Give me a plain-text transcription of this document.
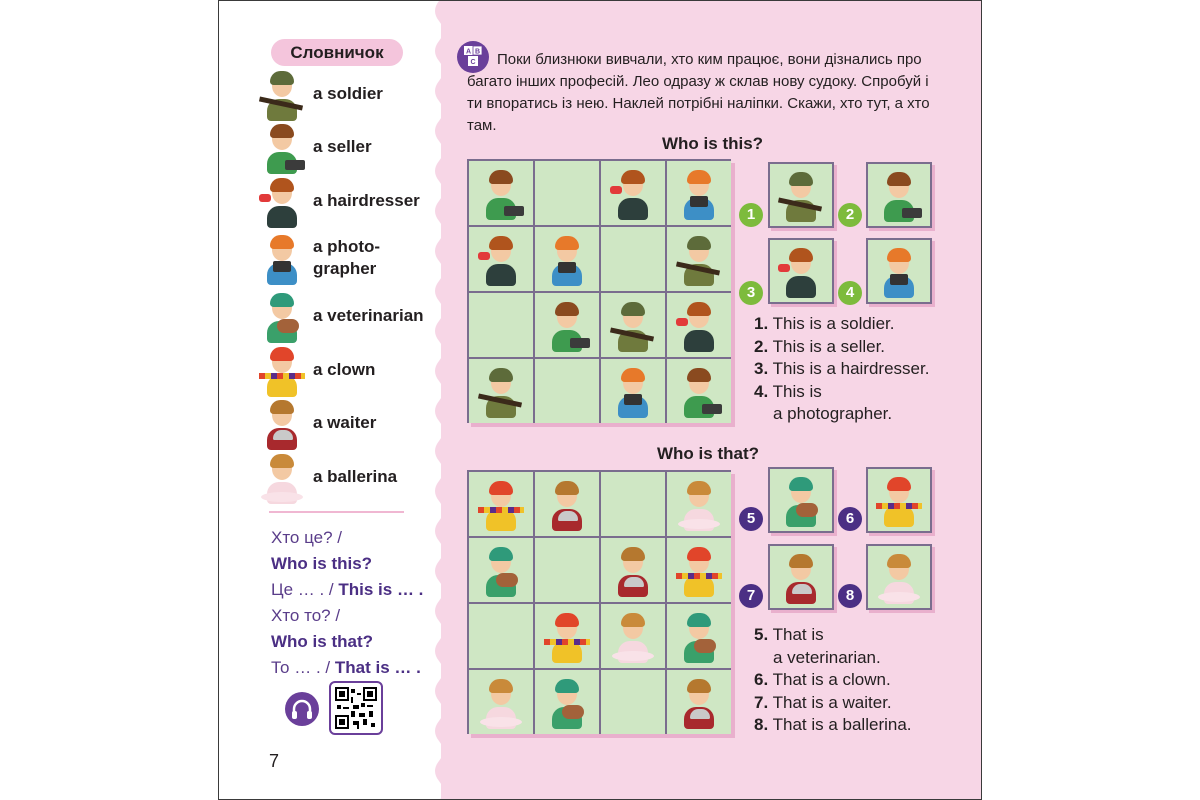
Словничок
a soldier
a seller
a hairdresser
a photo-
grapher
a veterinarian
a clown
a waiter
a ballerina
Хто це? /
Who is this?
Це … . / This is … .
Хто то? /
Who is that?
То … . / That is … .
7
A B
C	Поки близнюки вивчали, хто ким працює, вони дізнались про багато інших професій. Лео одразу ж склав нову судоку. Спробуй і ти впоратись із нею. Наклей потрібні наліпки. Скажи, хто тут, а хто там.
Who is this?
1	2
3	4
1. This is a soldier.
2. This is a seller.
3. This is a hairdresser.
4. This is
a photographer.
Who is that?
5	6
7	8
5. That is
a veterinarian.
6. That is a clown.
7. That is a waiter.
8. That is a ballerina.
